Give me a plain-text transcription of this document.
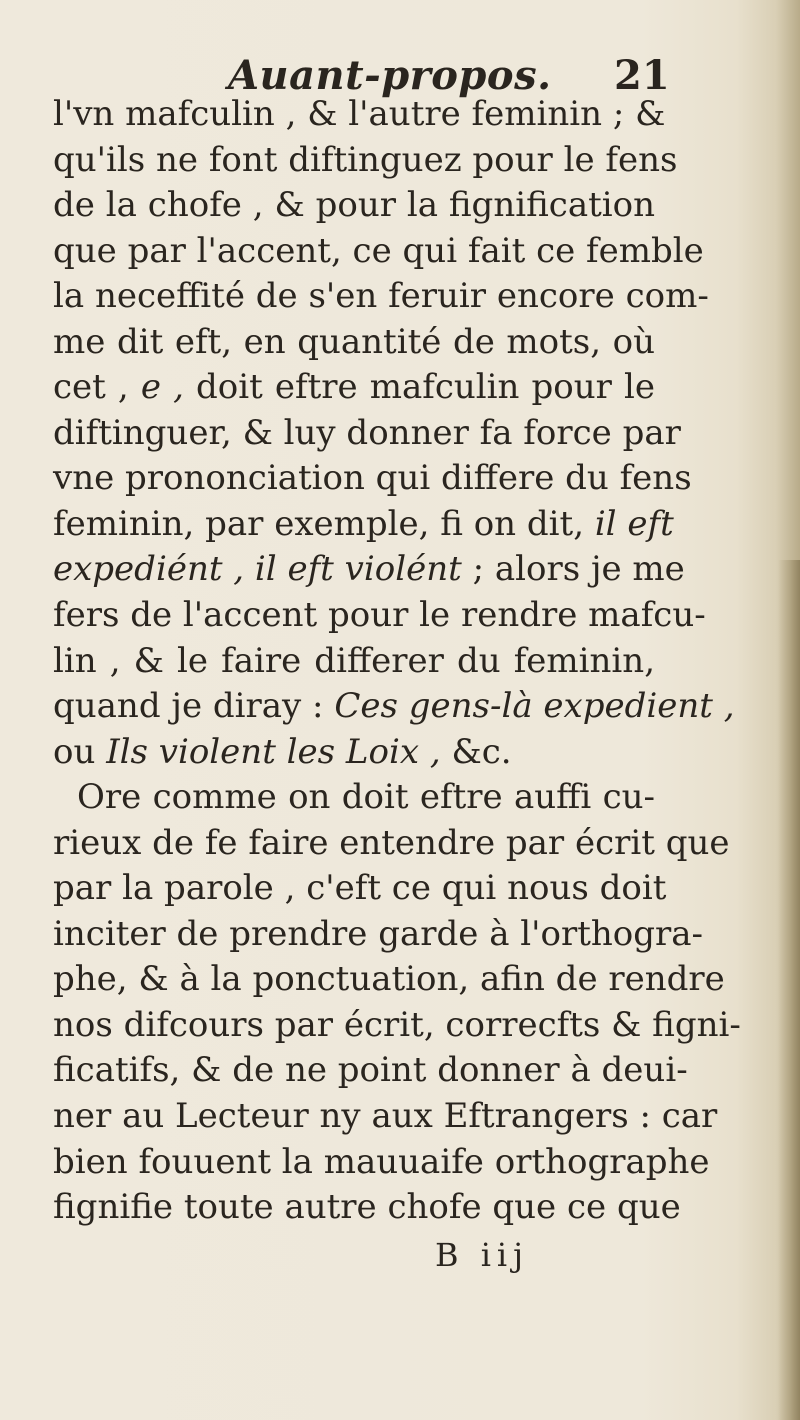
Auant-propos. 21
l'vn mafculin , & l'autre feminin ; &
qu'ils ne font diftinguez pour le fens
de la chofe , & pour la fignification
que par l'accent, ce qui fait ce femble
la neceffité de s'en feruir encore com-
me dit eft, en quantité de mots, où
cet , e , doit eftre mafculin pour le
diftinguer, & luy donner fa force par
vne prononciation qui differe du fens
feminin, par exemple, fi on dit, il eft
expediént , il eft violént ; alors je me
fers de l'accent pour le rendre mafcu-
lin , & le faire differer du feminin,
quand je diray : Ces gens-là expedient ,
ou Ils violent les Loix , &c.
Ore comme on doit eftre auffi cu-
rieux de fe faire entendre par écrit que
par la parole , c'eft ce qui nous doit
inciter de prendre garde à l'orthogra-
phe, & à la ponctuation, afin de rendre
nos difcours par écrit, correcfts & figni-
ficatifs, & de ne point donner à deui-
ner au Lecteur ny aux Eftrangers : car
bien fouuent la mauuaife orthographe
fignifie toute autre chofe que ce que
B iij
